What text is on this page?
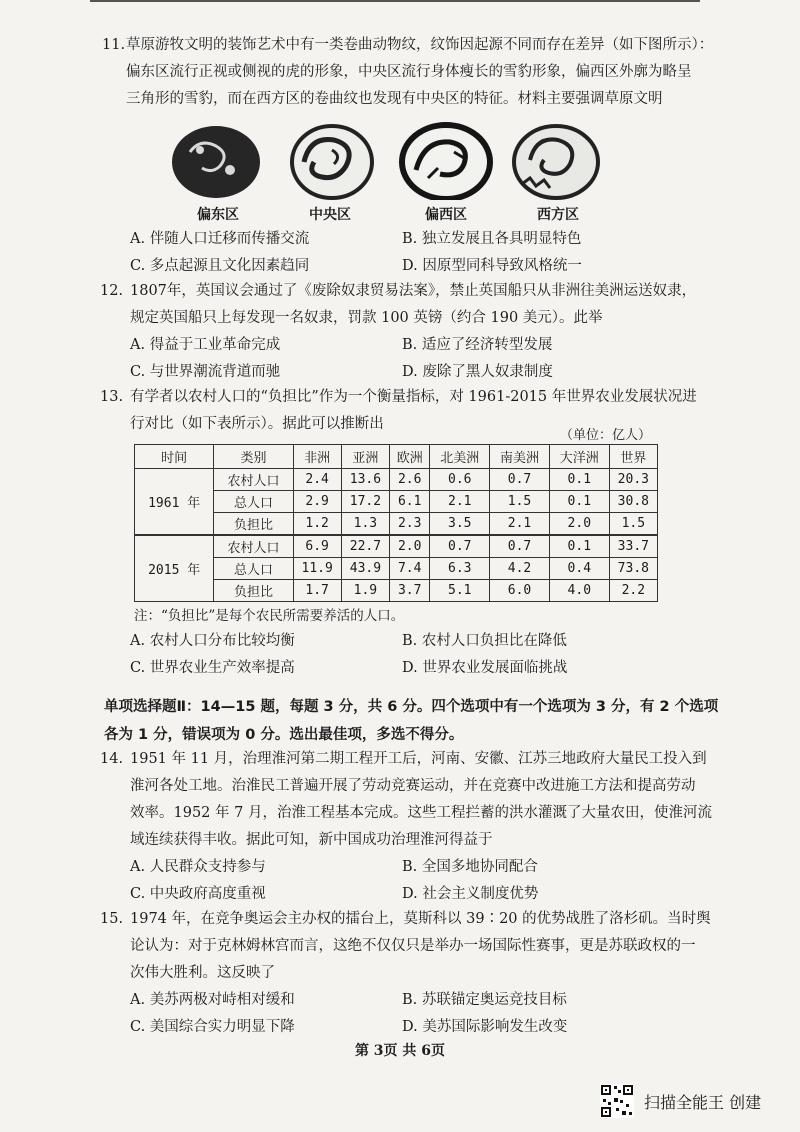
11. 草原游牧文明的装饰艺术中有一类卷曲动物纹，纹饰因起源不同而存在差异（如下图所示）：
偏东区流行正视或侧视的虎的形象，中央区流行身体瘦长的雪豹形象，偏西区外廓为略呈
三角形的雪豹，而在西方区的卷曲纹也发现有中央区的特征。材料主要强调草原文明
偏东区	中央区	偏西区	西方区
A. 伴随人口迁移而传播交流	B. 独立发展且各具明显特色
C. 多点起源且文化因素趋同	D. 因原型同科导致风格统一
12. 1807年，英国议会通过了《废除奴隶贸易法案》，禁止英国船只从非洲往美洲运送奴隶，
规定英国船只上每发现一名奴隶，罚款 100 英镑（约合 190 美元）。此举
A. 得益于工业革命完成	B. 适应了经济转型发展
C. 与世界潮流背道而驰	D. 废除了黑人奴隶制度
13. 有学者以农村人口的“负担比”作为一个衡量指标，对 1961-2015 年世界农业发展状况进
行对比（如下表所示）。据此可以推断出
（单位：亿人）
时间	类别	非洲	亚洲	欧洲	北美洲	南美洲	大洋洲	世界
1961 年	农村人口	2.4	13.6	2.6	0.6	0.7	0.1	20.3
	总人口	2.9	17.2	6.1	2.1	1.5	0.1	30.8
	负担比	1.2	1.3	2.3	3.5	2.1	2.0	1.5
2015 年	农村人口	6.9	22.7	2.0	0.7	0.7	0.1	33.7
	总人口	11.9	43.9	7.4	6.3	4.2	0.4	73.8
	负担比	1.7	1.9	3.7	5.1	6.0	4.0	2.2
注：“负担比”是每个农民所需要养活的人口。
A. 农村人口分布比较均衡	B. 农村人口负担比在降低
C. 世界农业生产效率提高	D. 世界农业发展面临挑战
单项选择题Ⅱ：14—15 题，每题 3 分，共 6 分。四个选项中有一个选项为 3 分，有 2 个选项
各为 1 分，错误项为 0 分。选出最佳项，多选不得分。
14. 1951 年 11 月，治理淮河第二期工程开工后，河南、安徽、江苏三地政府大量民工投入到
淮河各处工地。治淮民工普遍开展了劳动竞赛运动，并在竞赛中改进施工方法和提高劳动
效率。1952 年 7 月，治淮工程基本完成。这些工程拦蓄的洪水灌溉了大量农田，使淮河流
域连续获得丰收。据此可知，新中国成功治理淮河得益于
A. 人民群众支持参与	B. 全国多地协同配合
C. 中央政府高度重视	D. 社会主义制度优势
15. 1974 年，在竞争奥运会主办权的擂台上，莫斯科以 39∶20 的优势战胜了洛杉矶。当时舆
论认为：对于克林姆林宫而言，这绝不仅仅只是举办一场国际性赛事，更是苏联政权的一
次伟大胜利。这反映了
A. 美苏两极对峙相对缓和	B. 苏联锚定奥运竞技目标
C. 美国综合实力明显下降	D. 美苏国际影响发生改变
第 3页 共 6页
扫描全能王 创建
